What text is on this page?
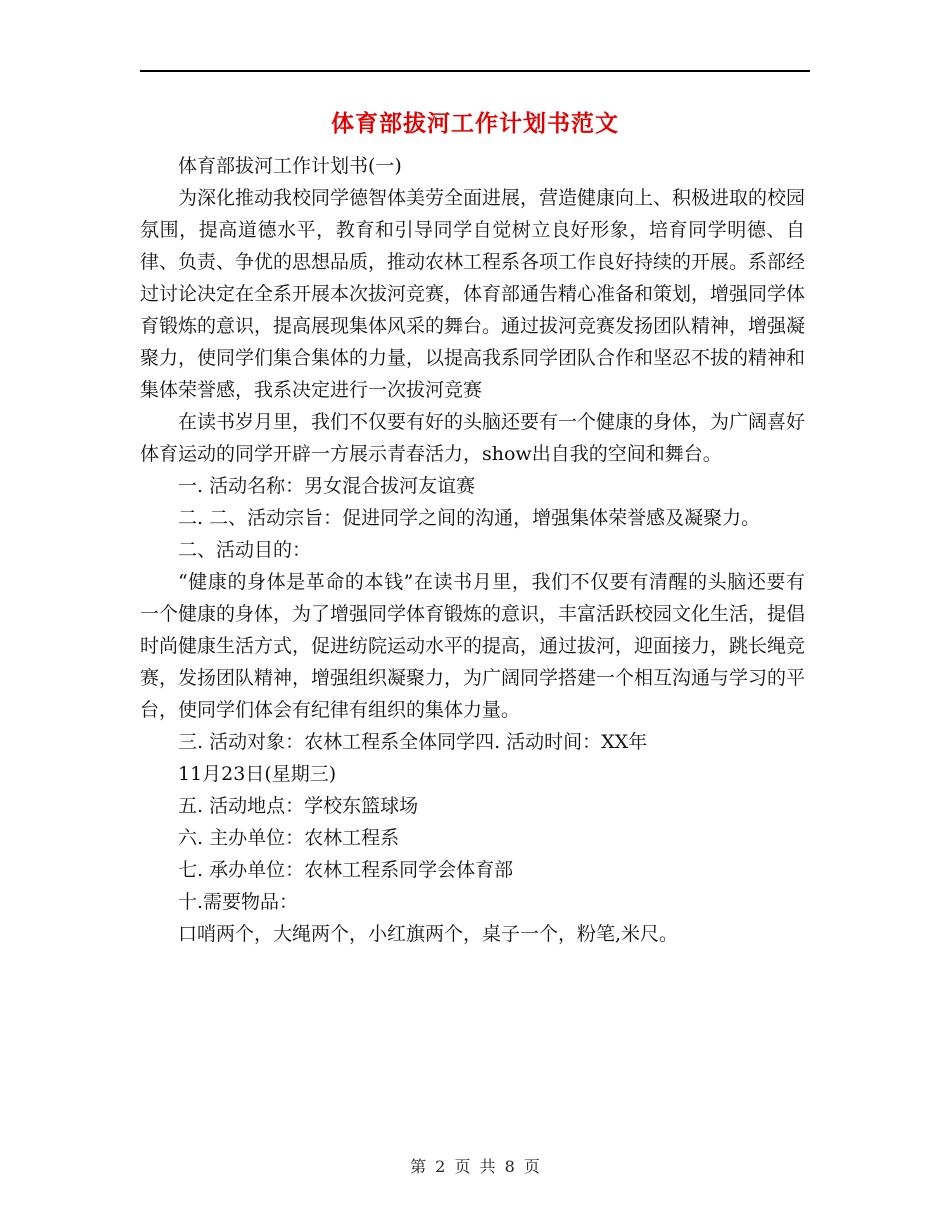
体育部拔河工作计划书范文

体育部拔河工作计划书(一)

为深化推动我校同学德智体美劳全面进展，营造健康向上、积极进取的校园氛围，提高道德水平，教育和引导同学自觉树立良好形象，培育同学明德、自律、负责、争优的思想品质，推动农林工程系各项工作良好持续的开展。系部经过讨论决定在全系开展本次拔河竞赛，体育部通告精心准备和策划，增强同学体育锻炼的意识，提高展现集体风采的舞台。通过拔河竞赛发扬团队精神，增强凝聚力，使同学们集合集体的力量，以提高我系同学团队合作和坚忍不拔的精神和集体荣誉感，我系决定进行一次拔河竞赛

在读书岁月里，我们不仅要有好的头脑还要有一个健康的身体，为广阔喜好体育运动的同学开辟一方展示青春活力，show出自我的空间和舞台。

一. 活动名称：男女混合拔河友谊赛

二. 二、活动宗旨：促进同学之间的沟通，增强集体荣誉感及凝聚力。

二、活动目的：

“健康的身体是革命的本钱”在读书月里，我们不仅要有清醒的头脑还要有一个健康的身体，为了增强同学体育锻炼的意识，丰富活跃校园文化生活，提倡时尚健康生活方式，促进纺院运动水平的提高，通过拔河，迎面接力，跳长绳竞赛，发扬团队精神，增强组织凝聚力，为广阔同学搭建一个相互沟通与学习的平台，使同学们体会有纪律有组织的集体力量。

三. 活动对象：农林工程系全体同学四. 活动时间：XX年

11月23日(星期三)

五. 活动地点：学校东篮球场

六. 主办单位：农林工程系

七. 承办单位：农林工程系同学会体育部

十.需要物品：

口哨两个，大绳两个，小红旗两个，桌子一个，粉笔,米尺。

第 2 页 共 8 页
